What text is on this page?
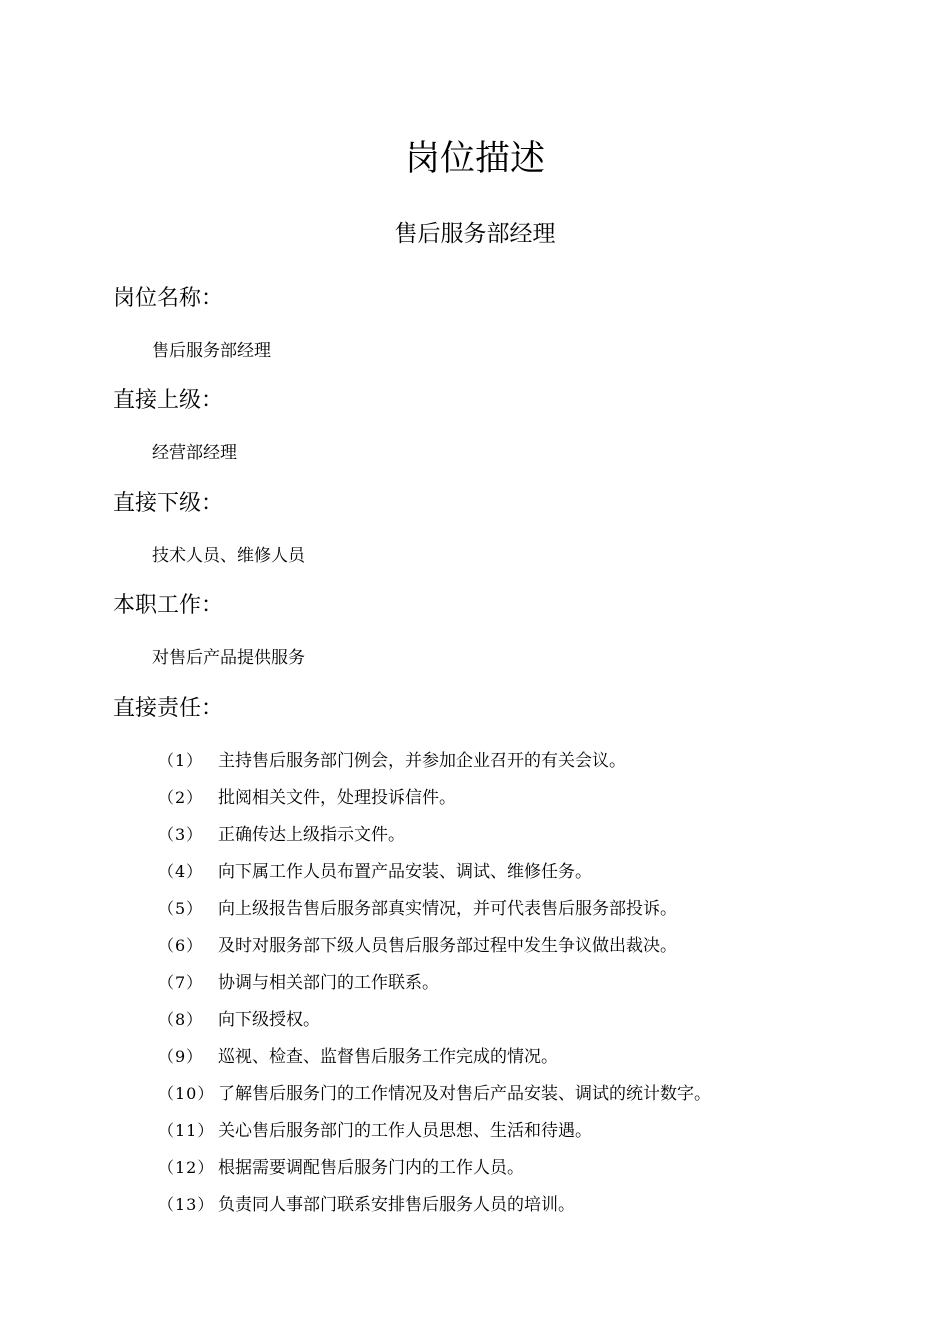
岗位描述
售后服务部经理
岗位名称：
售后服务部经理
直接上级：
经营部经理
直接下级：
技术人员、维修人员
本职工作：
对售后产品提供服务
直接责任：
（1） 主持售后服务部门例会，并参加企业召开的有关会议。
（2） 批阅相关文件，处理投诉信件。
（3） 正确传达上级指示文件。
（4） 向下属工作人员布置产品安装、调试、维修任务。
（5） 向上级报告售后服务部真实情况，并可代表售后服务部投诉。
（6） 及时对服务部下级人员售后服务部过程中发生争议做出裁决。
（7） 协调与相关部门的工作联系。
（8） 向下级授权。
（9） 巡视、检查、监督售后服务工作完成的情况。
（10） 了解售后服务门的工作情况及对售后产品安装、调试的统计数字。
（11） 关心售后服务部门的工作人员思想、生活和待遇。
（12） 根据需要调配售后服务门内的工作人员。
（13） 负责同人事部门联系安排售后服务人员的培训。
